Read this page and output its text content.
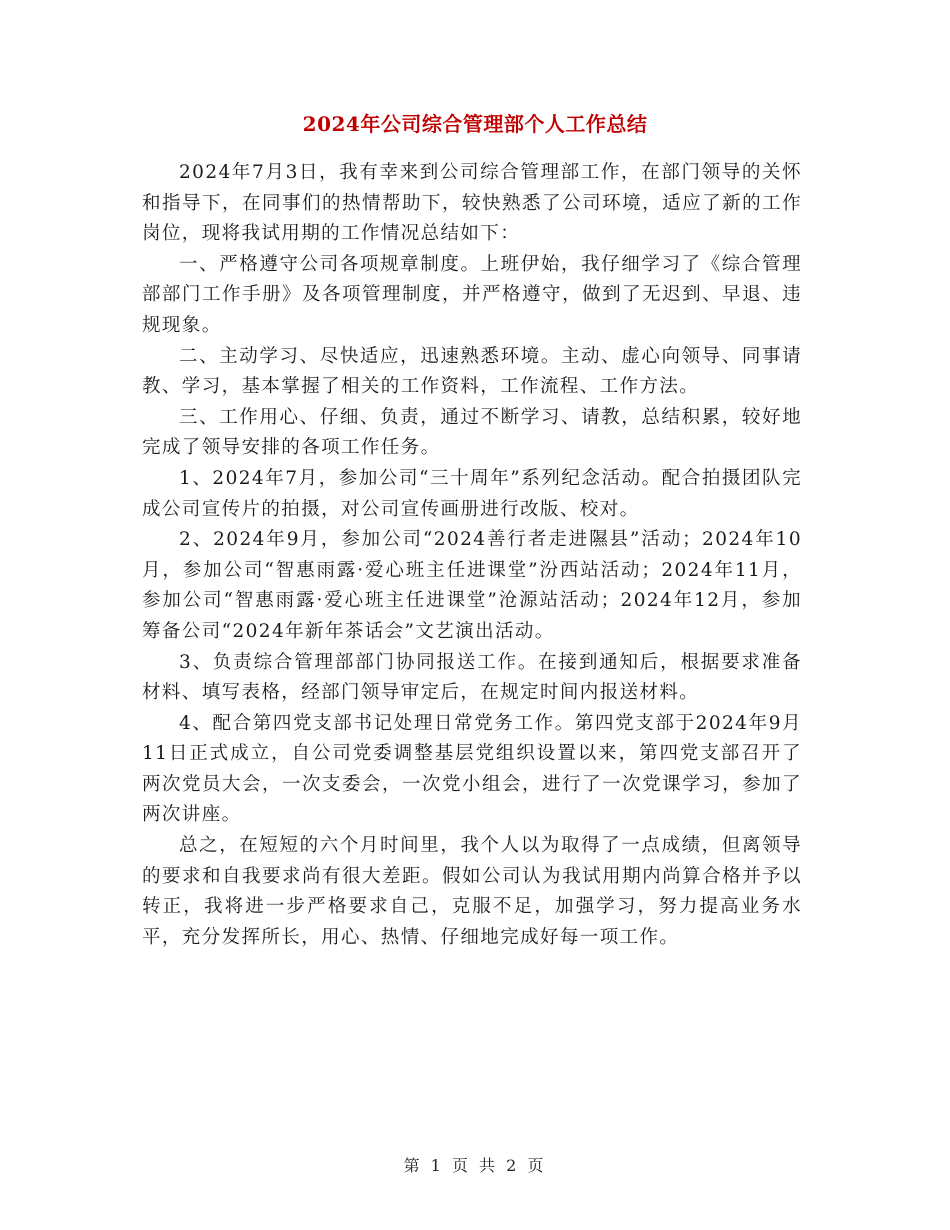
2024年公司综合管理部个人工作总结

2024年7月3日，我有幸来到公司综合管理部工作，在部门领导的关怀和指导下，在同事们的热情帮助下，较快熟悉了公司环境，适应了新的工作岗位，现将我试用期的工作情况总结如下：

一、严格遵守公司各项规章制度。上班伊始，我仔细学习了《综合管理部部门工作手册》及各项管理制度，并严格遵守，做到了无迟到、早退、违规现象。

二、主动学习、尽快适应，迅速熟悉环境。主动、虚心向领导、同事请教、学习，基本掌握了相关的工作资料，工作流程、工作方法。

三、工作用心、仔细、负责，通过不断学习、请教，总结积累，较好地完成了领导安排的各项工作任务。

1、2024年7月，参加公司“三十周年”系列纪念活动。配合拍摄团队完成公司宣传片的拍摄，对公司宣传画册进行改版、校对。

2、2024年9月，参加公司“2024善行者走进隰县”活动；2024年10月，参加公司“智惠雨露·爱心班主任进课堂”汾西站活动；2024年11月，参加公司“智惠雨露·爱心班主任进课堂”沧源站活动；2024年12月，参加筹备公司“2024年新年茶话会”文艺演出活动。

3、负责综合管理部部门协同报送工作。在接到通知后，根据要求准备材料、填写表格，经部门领导审定后，在规定时间内报送材料。

4、配合第四党支部书记处理日常党务工作。第四党支部于2024年9月11日正式成立，自公司党委调整基层党组织设置以来，第四党支部召开了两次党员大会，一次支委会，一次党小组会，进行了一次党课学习，参加了两次讲座。

总之，在短短的六个月时间里，我个人以为取得了一点成绩，但离领导的要求和自我要求尚有很大差距。假如公司认为我试用期内尚算合格并予以转正，我将进一步严格要求自己，克服不足，加强学习，努力提高业务水平，充分发挥所长，用心、热情、仔细地完成好每一项工作。

第 1 页 共 2 页
